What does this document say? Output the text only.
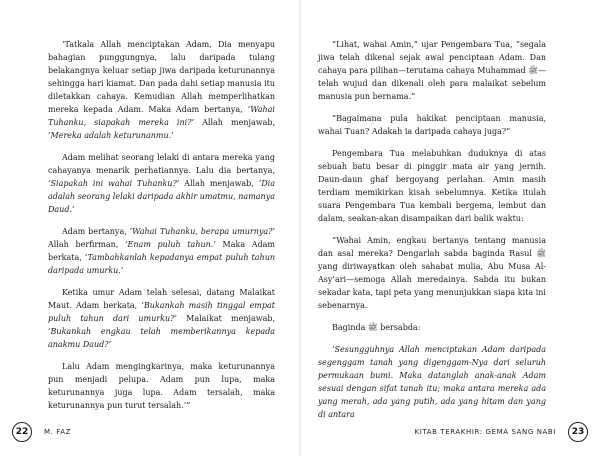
‘Tatkala Allah menciptakan Adam, Dia menyapu bahagian punggungnya, lalu daripada tulang belakangnya keluar setiap jiwa daripada keturunannya sehingga hari kiamat. Dan pada dahi setiap manusia itu diletakkan cahaya. Kemudian Allah memperlihatkan mereka kepada Adam. Maka Adam bertanya, ‘Wahai Tuhanku, siapakah mereka ini?’ Allah menjawab, ‘Mereka adalah keturunanmu.’

Adam melihat seorang lelaki di antara mereka yang cahayanya menarik perhatiannya. Lalu dia bertanya, ‘Siapakah ini wahai Tuhanku?’ Allah menjawab, ‘Dia adalah seorang lelaki daripada akhir umatmu, namanya Daud.’

Adam bertanya, ‘Wahai Tuhanku, berapa umurnya?’ Allah berfirman, ‘Enam puluh tahun.’ Maka Adam berkata, ‘Tambahkanlah kepadanya empat puluh tahun daripada umurku.’

Ketika umur Adam telah selesai, datang Malaikat Maut. Adam berkata, ‘Bukankah masih tinggal empat puluh tahun dari umurku?’ Malaikat menjawab, ‘Bukankah engkau telah memberikannya kepada anakmu Daud?’

Lalu Adam mengingkarinya, maka keturunannya pun menjadi pelupa. Adam pun lupa, maka keturunannya juga lupa. Adam tersalah, maka keturunannya pun turut tersalah.’”

22	M. FAZ

“Lihat, wahai Amin,” ujar Pengembara Tua, “segala jiwa telah dikenal sejak awal penciptaan Adam. Dan cahaya para pilihan—terutama cahaya Muhammad ﷺ—telah wujud dan dikenali oleh para malaikat sebelum manusia pun bernama.”

“Bagaimana pula hakikat penciptaan manusia, wahai Tuan? Adakah ia daripada cahaya juga?”

Pengembara Tua melabuhkan duduknya di atas sebuah batu besar di pinggir mata air yang jernih. Daun-daun ghaf bergoyang perlahan. Amin masih terdiam memikirkan kisah sebelumnya. Ketika itulah suara Pengembara Tua kembali bergema, lembut dan dalam, seakan-akan disampaikan dari balik waktu:

“Wahai Amin, engkau bertanya tentang manusia dan asal mereka? Dengarlah sabda baginda Rasul ﷺ yang diriwayatkan oleh sahabat mulia, Abu Musa Al-Asy’ari—semoga Allah meredainya. Sabda itu bukan sekadar kata, tapi peta yang menunjukkan siapa kita ini sebenarnya.

Baginda ﷺ bersabda:

‘Sesungguhnya Allah menciptakan Adam daripada segenggam tanah yang digenggam-Nya dari seluruh permukaan bumi. Maka datanglah anak-anak Adam sesuai dengan sifat tanah itu; maka antara mereka ada yang merah, ada yang putih, ada yang hitam dan yang di antara

KITAB TERAKHIR: GEMA SANG NABI	23
